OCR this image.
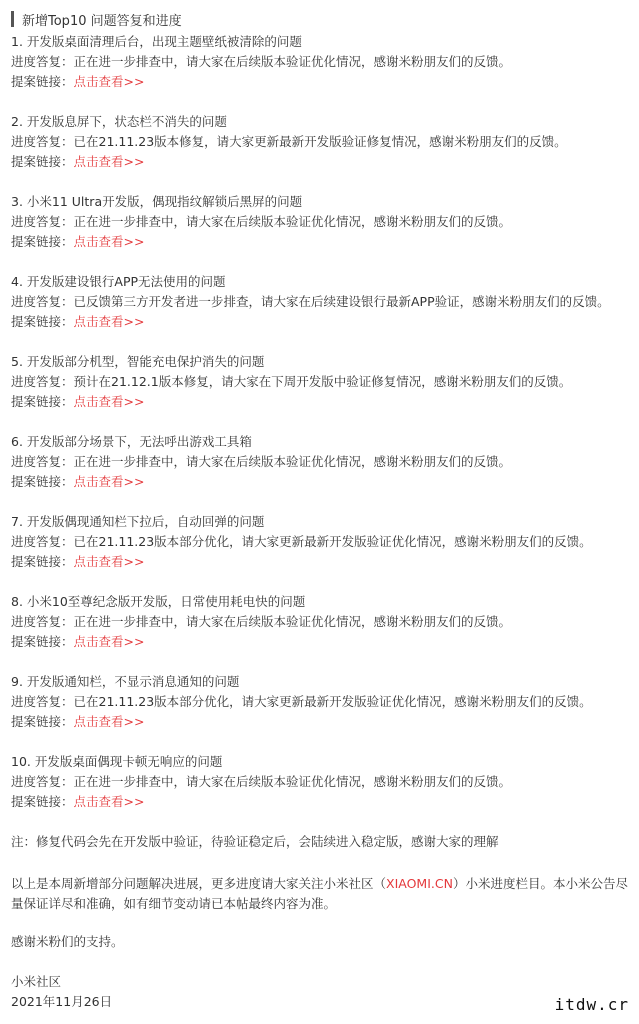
新增Top10 问题答复和进度
1. 开发版桌面清理后台，出现主题壁纸被清除的问题
进度答复：正在进一步排查中，请大家在后续版本验证优化情况，感谢米粉朋友们的反馈。
提案链接：点击查看>>
2. 开发版息屏下，状态栏不消失的问题
进度答复：已在21.11.23版本修复，请大家更新最新开发版验证修复情况，感谢米粉朋友们的反馈。
提案链接：点击查看>>
3. 小米11 Ultra开发版，偶现指纹解锁后黑屏的问题
进度答复：正在进一步排查中，请大家在后续版本验证优化情况，感谢米粉朋友们的反馈。
提案链接：点击查看>>
4. 开发版建设银行APP无法使用的问题
进度答复：已反馈第三方开发者进一步排查，请大家在后续建设银行最新APP验证，感谢米粉朋友们的反馈。
提案链接：点击查看>>
5. 开发版部分机型，智能充电保护消失的问题
进度答复：预计在21.12.1版本修复，请大家在下周开发版中验证修复情况，感谢米粉朋友们的反馈。
提案链接：点击查看>>
6. 开发版部分场景下，无法呼出游戏工具箱
进度答复：正在进一步排查中，请大家在后续版本验证优化情况，感谢米粉朋友们的反馈。
提案链接：点击查看>>
7. 开发版偶现通知栏下拉后，自动回弹的问题
进度答复：已在21.11.23版本部分优化，请大家更新最新开发版验证优化情况，感谢米粉朋友们的反馈。
提案链接：点击查看>>
8. 小米10至尊纪念版开发版，日常使用耗电快的问题
进度答复：正在进一步排查中，请大家在后续版本验证优化情况，感谢米粉朋友们的反馈。
提案链接：点击查看>>
9. 开发版通知栏，不显示消息通知的问题
进度答复：已在21.11.23版本部分优化，请大家更新最新开发版验证优化情况，感谢米粉朋友们的反馈。
提案链接：点击查看>>
10. 开发版桌面偶现卡顿无响应的问题
进度答复：正在进一步排查中，请大家在后续版本验证优化情况，感谢米粉朋友们的反馈。
提案链接：点击查看>>
注：修复代码会先在开发版中验证，待验证稳定后，会陆续进入稳定版，感谢大家的理解
以上是本周新增部分问题解决进展，更多进度请大家关注小米社区（XIAOMI.CN）小米进度栏目。本小米公告尽量保证详尽和准确，如有细节变动请已本帖最终内容为准。
感谢米粉们的支持。
小米社区
2021年11月26日	itdw.cr
